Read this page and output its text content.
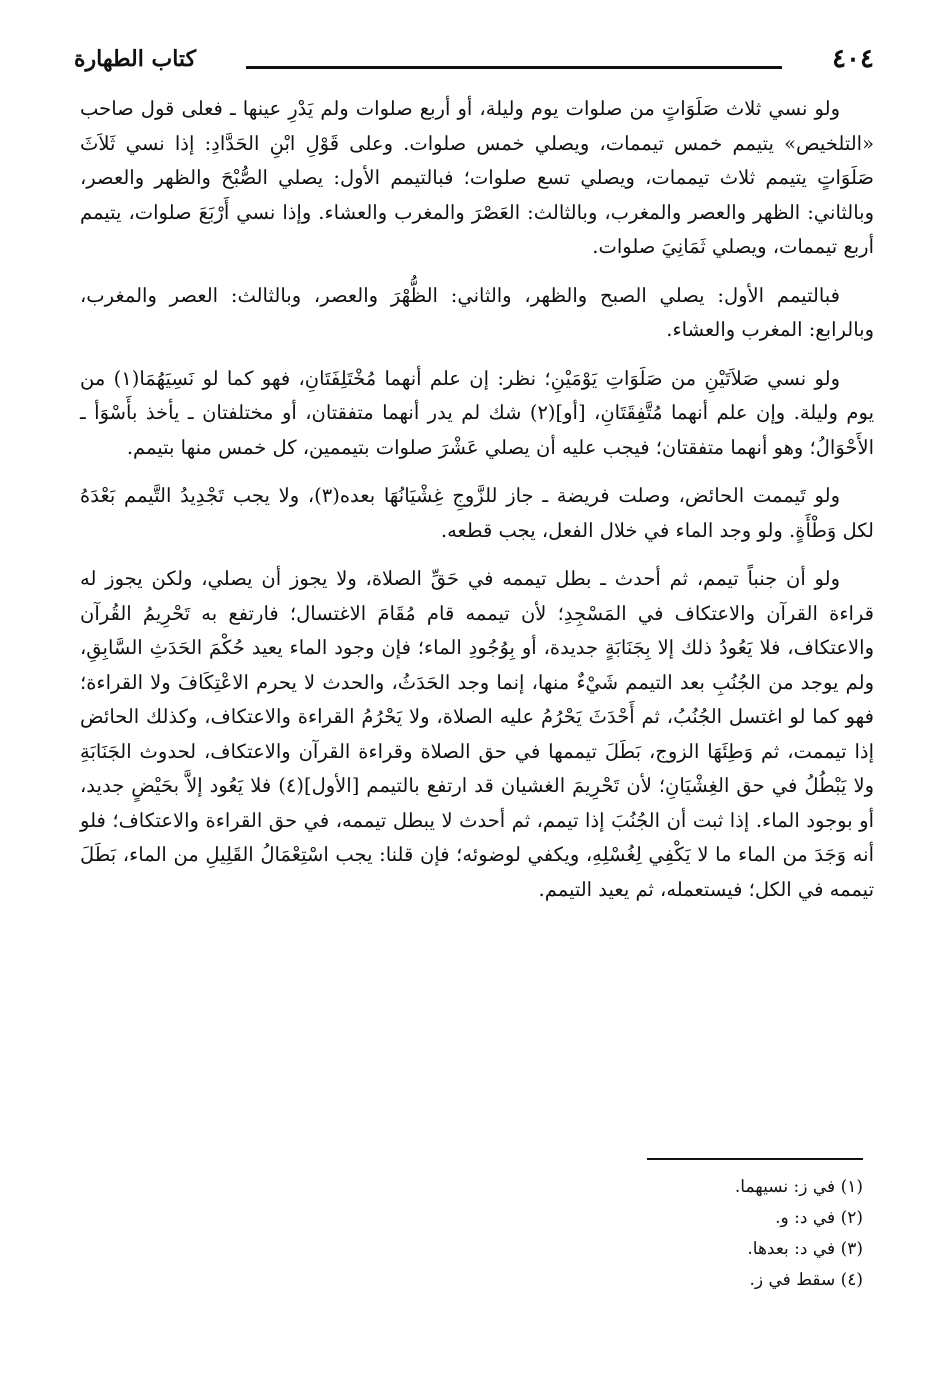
كتاب الطهارة	٤٠٤

ولو نسي ثلاث صَلَوَاتٍ من صلوات يوم وليلة، أو أربع صلوات ولم يَدْرِ عينها ـ فعلى قول صاحب «التلخيص» يتيمم خمس تيممات، ويصلي خمس صلوات. وعلى قَوْلِ ابْنِ الحَدَّادِ: إذا نسي ثَلاَثَ صَلَوَاتٍ يتيمم ثلاث تيممات، ويصلي تسع صلوات؛ فبالتيمم الأول: يصلي الصُّبْحَ والظهر والعصر، وبالثاني: الظهر والعصر والمغرب، وبالثالث: العَصْرَ والمغرب والعشاء. وإذا نسي أَرْبَعَ صلوات، يتيمم أربع تيممات، ويصلي ثَمَانِيَ صلوات.

فبالتيمم الأول: يصلي الصبح والظهر، والثاني: الظُّهْرَ والعصر، وبالثالث: العصر والمغرب، وبالرابع: المغرب والعشاء.

ولو نسي صَلاَتَيْنِ من صَلَوَاتِ يَوْمَيْنِ؛ نظر: إن علم أنهما مُخْتَلِفَتَانِ، فهو كما لو نَسِيَهُمَا(١) من يوم وليلة. وإن علم أنهما مُتَّفِقَتَانِ، [أو](٢) شك لم يدر أنهما متفقتان، أو مختلفتان ـ يأخذ بأَسْوَأ ـ الأَحْوَالُ؛ وهو أنهما متفقتان؛ فيجب عليه أن يصلي عَشْرَ صلوات بتيممين، كل خمس منها بتيمم.

ولو تَيممت الحائض، وصلت فريضة ـ جاز للزَّوجِ غِشْيَانُهَا بعده(٣)، ولا يجب تَجْدِيدُ التَّيمم بَعْدَهُ لكل وَطْأَةٍ. ولو وجد الماء في خلال الفعل، يجب قطعه.

ولو أن جنباً تيمم، ثم أحدث ـ بطل تيممه في حَقِّ الصلاة، ولا يجوز أن يصلي، ولكن يجوز له قراءة القرآن والاعتكاف في المَسْجِدِ؛ لأن تيممه قام مُقَامَ الاغتسال؛ فارتفع به تَحْرِيمُ القُرآن والاعتكاف، فلا يَعُودُ ذلك إلا بِجَنَابَةٍ جديدة، أو بِوُجُودِ الماء؛ فإن وجود الماء يعيد حُكْمَ الحَدَثِ السَّابِقِ، ولم يوجد من الجُنُبِ بعد التيمم شَيْءٌ منها، إنما وجد الحَدَثُ، والحدث لا يحرم الاعْتِكَافَ ولا القراءة؛ فهو كما لو اغتسل الجُنُبُ، ثم أَحْدَثَ يَحْرُمُ عليه الصلاة، ولا يَحْرُمُ القراءة والاعتكاف، وكذلك الحائض إذا تيممت، ثم وَطِئَهَا الزوج، بَطَلَ تيممها في حق الصلاة وقراءة القرآن والاعتكاف، لحدوث الجَنَابَةِ ولا يَبْطُلُ في حق الغِشْيَانِ؛ لأن تَحْرِيمَ الغشيان قد ارتفع بالتيمم [الأول](٤) فلا يَعُود إلاَّ بحَيْضٍ جديد، أو بوجود الماء. إذا ثبت أن الجُنُبَ إذا تيمم، ثم أحدث لا يبطل تيممه، في حق القراءة والاعتكاف؛ فلو أنه وَجَدَ من الماء ما لا يَكْفِي لِغُسْلِهِ، ويكفي لوضوئه؛ فإن قلنا: يجب اسْتِعْمَالُ القَلِيلِ من الماء، بَطَلَ تيممه في الكل؛ فيستعمله، ثم يعيد التيمم.

(١) في ز: نسيهما.
(٢) في د: و.
(٣) في د: بعدها.
(٤) سقط في ز.
